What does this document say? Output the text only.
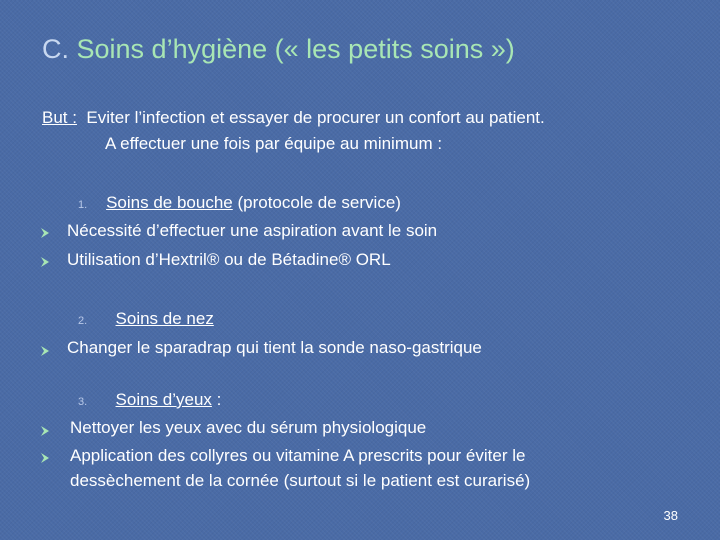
C. Soins d’hygiène (« les petits soins »)
But : Eviter l’infection et essayer de procurer un confort au patient.
A effectuer une fois par équipe au minimum :
1. Soins de bouche (protocole de service)
Nécessité d’effectuer une aspiration avant le soin
Utilisation d’Hextril® ou de Bétadine® ORL
2. Soins de nez
Changer le sparadrap qui tient la sonde naso-gastrique
3. Soins d’yeux :
Nettoyer les yeux avec du sérum physiologique
Application des collyres ou vitamine A prescrits pour éviter le
dessèchement de la cornée (surtout si le patient est curarisé)
38
